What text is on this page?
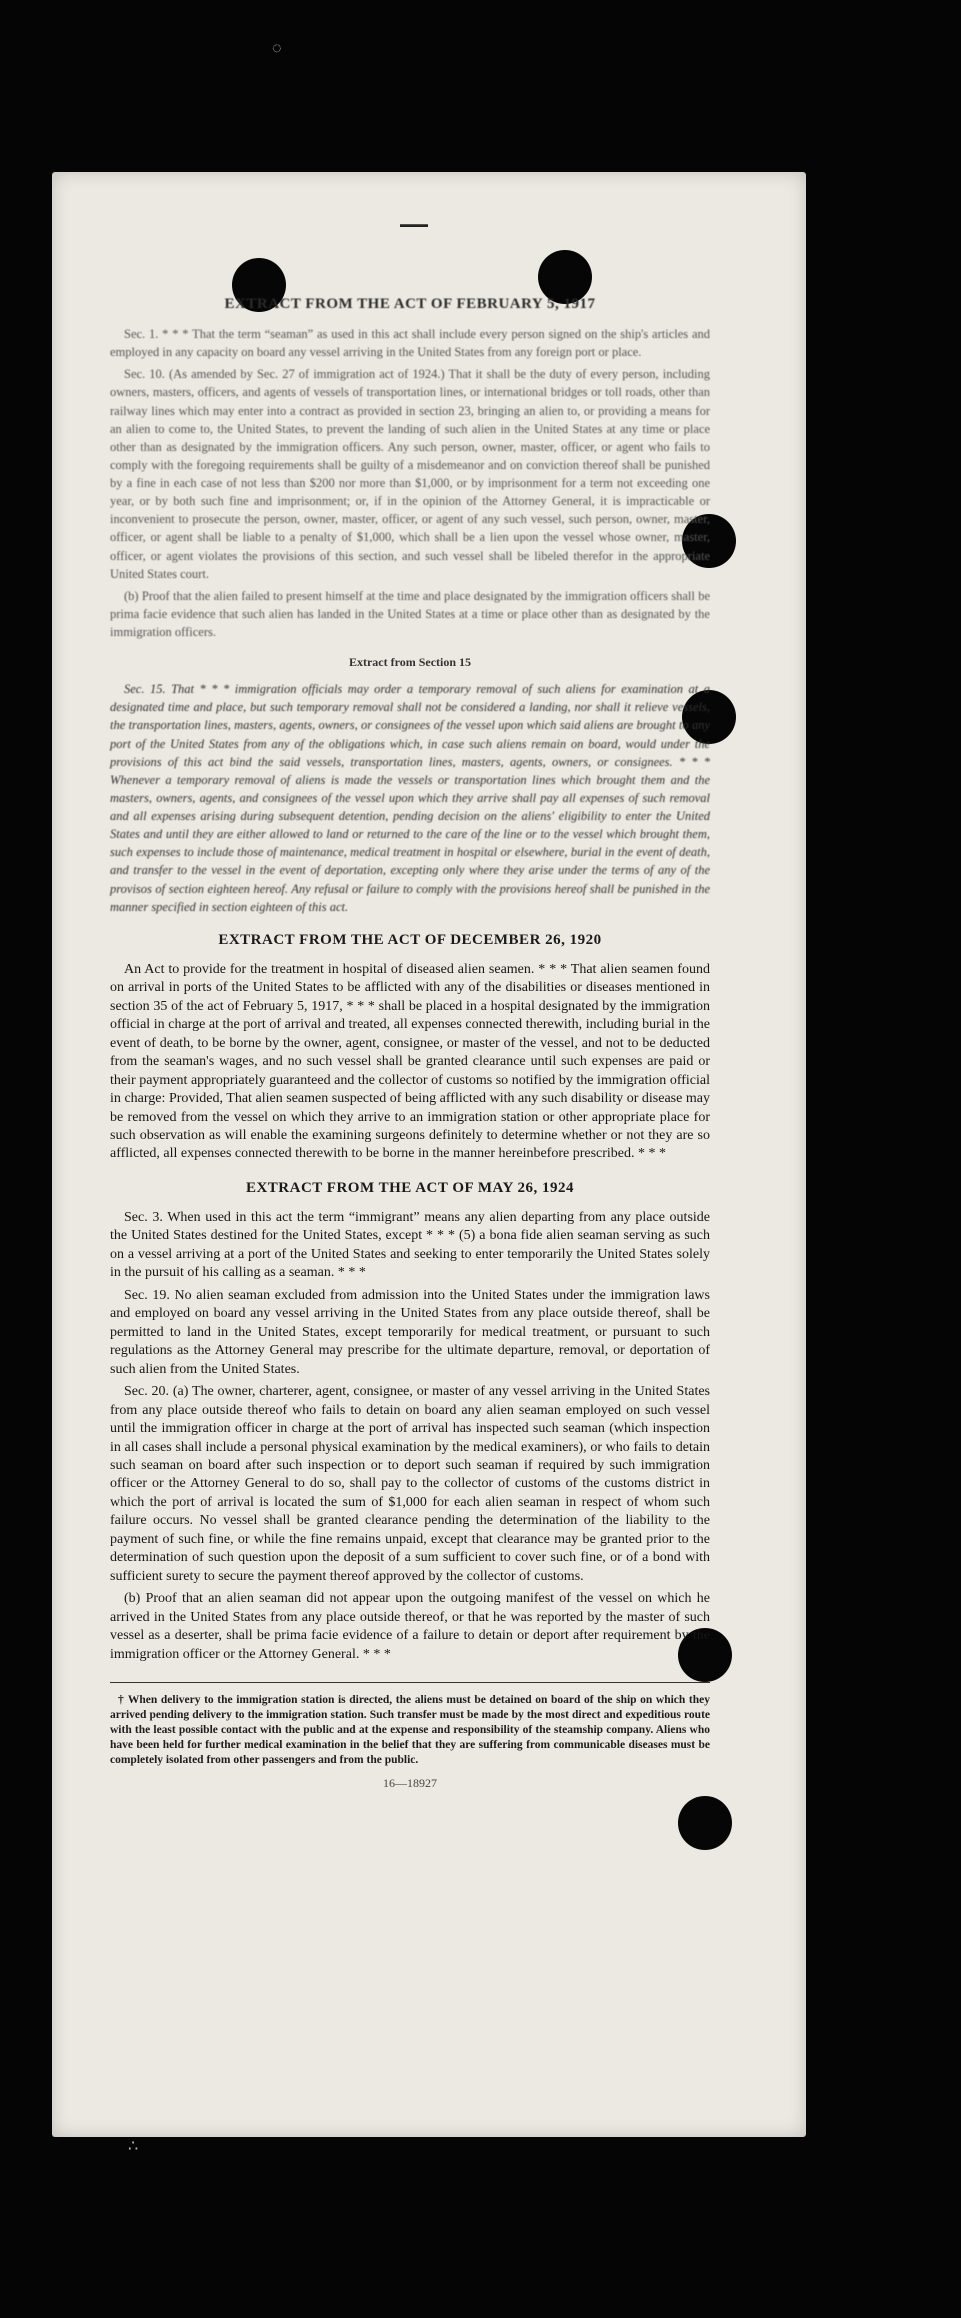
◌
∴
—
EXTRACT FROM THE ACT OF FEBRUARY 5, 1917

Sec. 1. * * * That the term “seaman” as used in this act shall include every person signed on the ship's articles and employed in any capacity on board any vessel arriving in the United States from any foreign port or place.

Sec. 10. (As amended by Sec. 27 of immigration act of 1924.) That it shall be the duty of every person, including owners, masters, officers, and agents of vessels of transportation lines, or international bridges or toll roads, other than railway lines which may enter into a contract as provided in section 23, bringing an alien to, or providing a means for an alien to come to, the United States, to prevent the landing of such alien in the United States at any time or place other than as designated by the immigration officers. Any such person, owner, master, officer, or agent who fails to comply with the foregoing requirements shall be guilty of a misdemeanor and on conviction thereof shall be punished by a fine in each case of not less than $200 nor more than $1,000, or by imprisonment for a term not exceeding one year, or by both such fine and imprisonment; or, if in the opinion of the Attorney General, it is impracticable or inconvenient to prosecute the person, owner, master, officer, or agent of any such vessel, such person, owner, master, officer, or agent shall be liable to a penalty of $1,000, which shall be a lien upon the vessel whose owner, master, officer, or agent violates the provisions of this section, and such vessel shall be libeled therefor in the appropriate United States court.

(b) Proof that the alien failed to present himself at the time and place designated by the immigration officers shall be prima facie evidence that such alien has landed in the United States at a time or place other than as designated by the immigration officers.

Extract from Section 15

Sec. 15. That * * * immigration officials may order a temporary removal of such aliens for examination at a designated time and place, but such temporary removal shall not be considered a landing, nor shall it relieve vessels, the transportation lines, masters, agents, owners, or consignees of the vessel upon which said aliens are brought to any port of the United States from any of the obligations which, in case such aliens remain on board, would under the provisions of this act bind the said vessels, transportation lines, masters, agents, owners, or consignees. * * * Whenever a temporary removal of aliens is made the vessels or transportation lines which brought them and the masters, owners, agents, and consignees of the vessel upon which they arrive shall pay all expenses of such removal and all expenses arising during subsequent detention, pending decision on the aliens' eligibility to enter the United States and until they are either allowed to land or returned to the care of the line or to the vessel which brought them, such expenses to include those of maintenance, medical treatment in hospital or elsewhere, burial in the event of death, and transfer to the vessel in the event of deportation, excepting only where they arise under the terms of any of the provisos of section eighteen hereof. Any refusal or failure to comply with the provisions hereof shall be punished in the manner specified in section eighteen of this act.

EXTRACT FROM THE ACT OF DECEMBER 26, 1920

An Act to provide for the treatment in hospital of diseased alien seamen. * * * That alien seamen found on arrival in ports of the United States to be afflicted with any of the disabilities or diseases mentioned in section 35 of the act of February 5, 1917, * * * shall be placed in a hospital designated by the immigration official in charge at the port of arrival and treated, all expenses connected therewith, including burial in the event of death, to be borne by the owner, agent, consignee, or master of the vessel, and not to be deducted from the seaman's wages, and no such vessel shall be granted clearance until such expenses are paid or their payment appropriately guaranteed and the collector of customs so notified by the immigration official in charge: Provided, That alien seamen suspected of being afflicted with any such disability or disease may be removed from the vessel on which they arrive to an immigration station or other appropriate place for such observation as will enable the examining surgeons definitely to determine whether or not they are so afflicted, all expenses connected therewith to be borne in the manner hereinbefore prescribed. * * *

EXTRACT FROM THE ACT OF MAY 26, 1924

Sec. 3. When used in this act the term “immigrant” means any alien departing from any place outside the United States destined for the United States, except * * * (5) a bona fide alien seaman serving as such on a vessel arriving at a port of the United States and seeking to enter temporarily the United States solely in the pursuit of his calling as a seaman. * * *

Sec. 19. No alien seaman excluded from admission into the United States under the immigration laws and employed on board any vessel arriving in the United States from any place outside thereof, shall be permitted to land in the United States, except temporarily for medical treatment, or pursuant to such regulations as the Attorney General may prescribe for the ultimate departure, removal, or deportation of such alien from the United States.

Sec. 20. (a) The owner, charterer, agent, consignee, or master of any vessel arriving in the United States from any place outside thereof who fails to detain on board any alien seaman employed on such vessel until the immigration officer in charge at the port of arrival has inspected such seaman (which inspection in all cases shall include a personal physical examination by the medical examiners), or who fails to detain such seaman on board after such inspection or to deport such seaman if required by such immigration officer or the Attorney General to do so, shall pay to the collector of customs of the customs district in which the port of arrival is located the sum of $1,000 for each alien seaman in respect of whom such failure occurs. No vessel shall be granted clearance pending the determination of the liability to the payment of such fine, or while the fine remains unpaid, except that clearance may be granted prior to the determination of such question upon the deposit of a sum sufficient to cover such fine, or of a bond with sufficient surety to secure the payment thereof approved by the collector of customs.

(b) Proof that an alien seaman did not appear upon the outgoing manifest of the vessel on which he arrived in the United States from any place outside thereof, or that he was reported by the master of such vessel as a deserter, shall be prima facie evidence of a failure to detain or deport after requirement by the immigration officer or the Attorney General. * * *

† When delivery to the immigration station is directed, the aliens must be detained on board of the ship on which they arrived pending delivery to the immigration station. Such transfer must be made by the most direct and expeditious route with the least possible contact with the public and at the expense and responsibility of the steamship company. Aliens who have been held for further medical examination in the belief that they are suffering from communicable diseases must be completely isolated from other passengers and from the public.

16—18927
